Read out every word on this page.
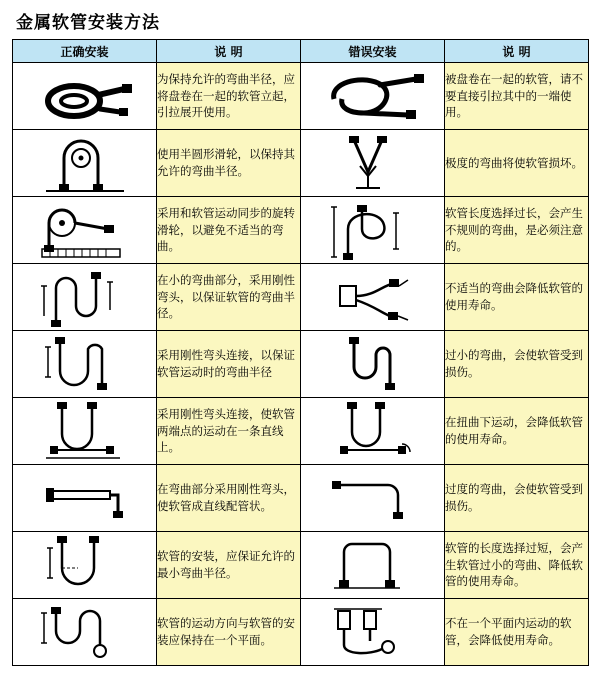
金属软管安装方法
正确安装	说 明	错误安装	说 明

	为保持允许的弯曲半径，应将盘卷在一起的软管立起，引拉展开使用。		被盘卷在一起的软管，请不要直接引拉其中的一端使用。

	使用半圆形滑轮，以保持其允许的弯曲半径。		极度的弯曲将使软管损坏。

	采用和软管运动同步的旋转滑轮，以避免不适当的弯曲。		软管长度选择过长，会产生不规则的弯曲，是必须注意的。

	在小的弯曲部分，采用刚性弯头，以保证软管的弯曲半径。		不适当的弯曲会降低软管的使用寿命。

	采用刚性弯头连接，以保证软管运动时的弯曲半径		过小的弯曲，会使软管受到损伤。

	采用刚性弯头连接，使软管两端点的运动在一条直线上。		在扭曲下运动，会降低软管的使用寿命。

	在弯曲部分采用刚性弯头，使软管成直线配管状。		过度的弯曲，会使软管受到损伤。

	软管的安装，应保证允许的最小弯曲半径。		软管的长度选择过短，会产生软管过小的弯曲、降低软管的使用寿命。

	软管的运动方向与软管的安装应保持在一个平面。		不在一个平面内运动的软管，会降低使用寿命。
